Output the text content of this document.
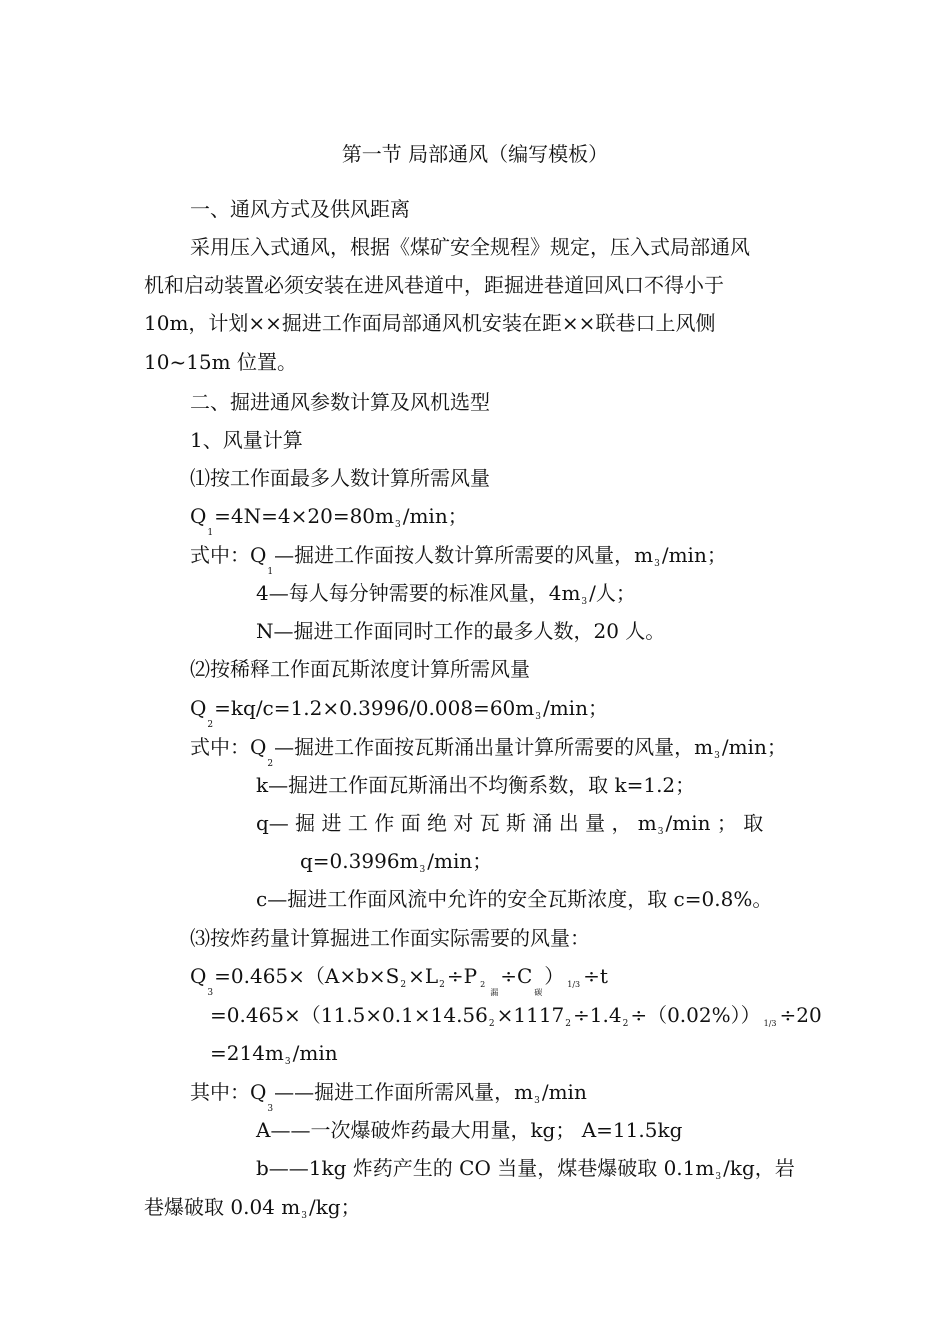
第一节 局部通风（编写模板）
一、通风方式及供风距离
采用压入式通风，根据《煤矿安全规程》规定，压入式局部通风
机和启动装置必须安装在进风巷道中，距掘进巷道回风口不得小于
10m，计划××掘进工作面局部通风机安装在距××联巷口上风侧
10~15m 位置。
二、掘进通风参数计算及风机选型
1、风量计算
⑴按工作面最多人数计算所需风量
$Q_1=4N=4\times 20=80m_3$ /min；
式中：$Q_1—$掘进工作面按人数计算所需要的风量，$m_3$ /min；
4—每人每分钟需要的标准风量，$4m_3$ /人；
N—掘进工作面同时工作的最多人数，20 人。
⑵按稀释工作面瓦斯浓度计算所需风量
$Q_2=kq/c=1.2\times 0.3996/0.008=60m_3$ /min；
式中：$Q_2—$掘进工作面按瓦斯涌出量计算所需要的风量，$m_3$ /min；
k—掘进工作面瓦斯涌出不均衡系数，取 k=1.2；
q— 掘 进 工 作 面 绝 对 瓦 斯 涌 出 量 ， $m_3$ /min ； 取
$q=0.3996m_3$ /min；
c—掘进工作面风流中允许的安全瓦斯浓度，取 c=0.8%。
⑶按炸药量计算掘进工作面实际需要的风量：
$Q_3=0.465\times(A\times b\times S_2 \times L_2 \div P$ $_{2漏}\div C_碳$） $_{1/3}$ ÷t
$=0.465\times(11.5\times 0.1\times 14.56_2 \times 1117_2 \div 1.4_2 \div(0.02\%))$ $_{1/3}$ ÷20
$=214m_3$ /min
其中：$Q_3——$掘进工作面所需风量，$m_3$ /min
A——一次爆破炸药最大用量，kg； A=11.5kg
b——1kg 炸药产生的 CO 当量，煤巷爆破取 $0.1m_3$ /kg，岩
巷爆破取 0.04 $m_3$ /kg；
